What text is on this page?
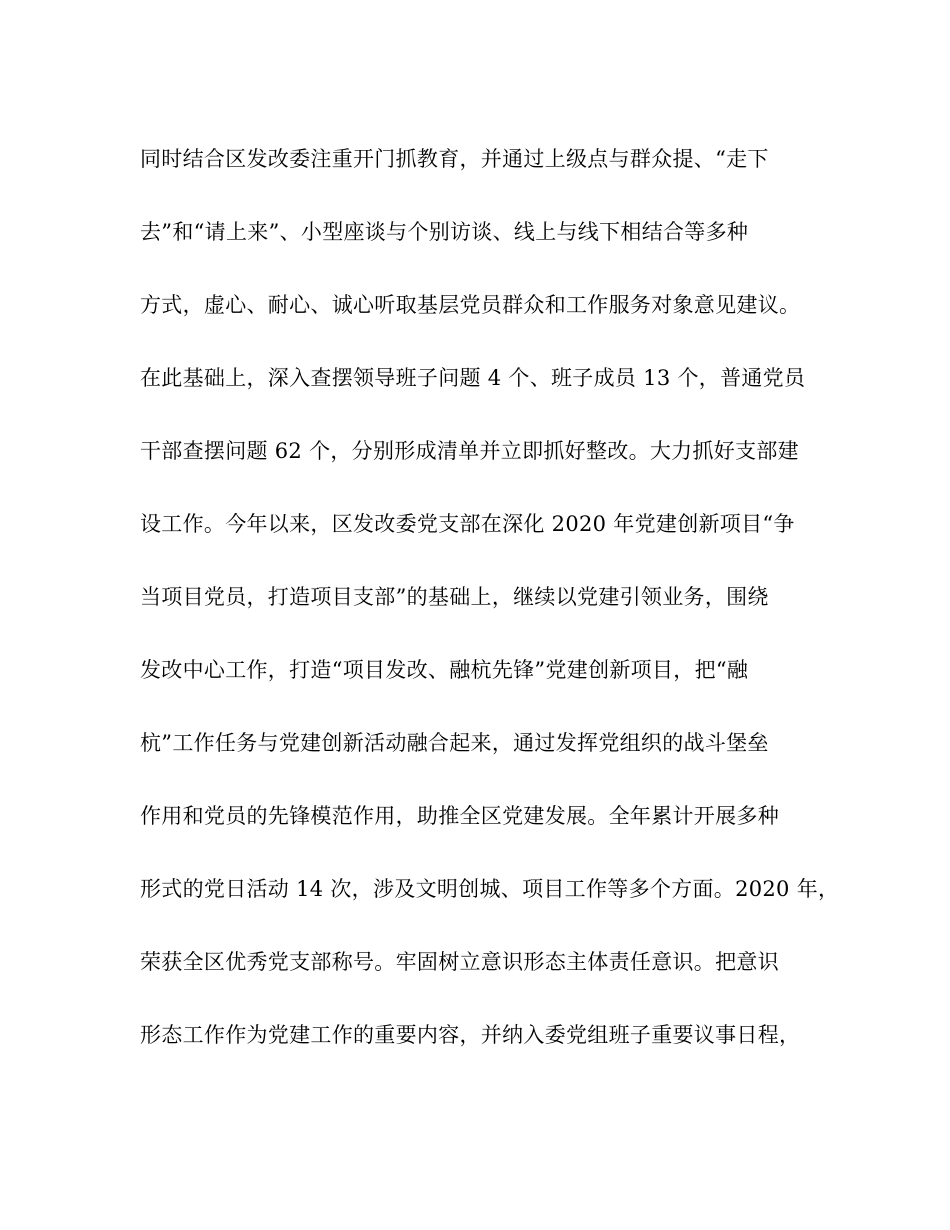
同时结合区发改委注重开门抓教育，并通过上级点与群众提、“走下
去”和“请上来”、小型座谈与个别访谈、线上与线下相结合等多种
方式，虚心、耐心、诚心听取基层党员群众和工作服务对象意见建议。
在此基础上，深入查摆领导班子问题 4 个、班子成员 13 个，普通党员
干部查摆问题 62 个，分别形成清单并立即抓好整改。大力抓好支部建
设工作。今年以来，区发改委党支部在深化 2020 年党建创新项目“争
当项目党员，打造项目支部”的基础上，继续以党建引领业务，围绕
发改中心工作，打造“项目发改、融杭先锋”党建创新项目，把“融
杭”工作任务与党建创新活动融合起来，通过发挥党组织的战斗堡垒
作用和党员的先锋模范作用，助推全区党建发展。全年累计开展多种
形式的党日活动 14 次，涉及文明创城、项目工作等多个方面。2020 年，
荣获全区优秀党支部称号。牢固树立意识形态主体责任意识。把意识
形态工作作为党建工作的重要内容，并纳入委党组班子重要议事日程，
